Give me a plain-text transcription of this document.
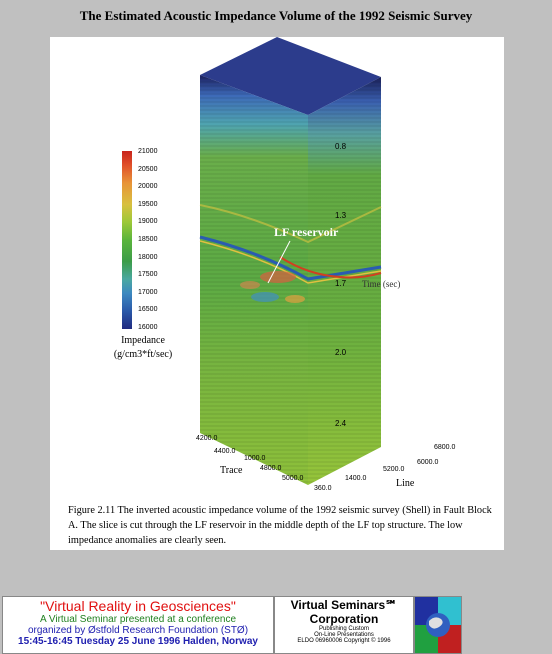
The Estimated Acoustic Impedance Volume of the 1992 Seismic Survey
0.8
1.3
1.7
2.0
2.4
Time (sec)
LF reservoir
4200.0
4400.0
1000.0
4800.0
5000.0
Trace
6800.0
6000.0
5200.0
1400.0
360.0	Line
21000
20500
20000
19500
19000
18500
18000
17500
17000
16500
16000
Impedance
(g/cm3*ft/sec)
Figure 2.11 The inverted acoustic impedance volume of the 1992 seismic survey (Shell) in Fault Block A. The slice is cut through the LF reservoir in the middle depth of the LF top structure. The low impedance anomalies are clearly seen.
"Virtual Reality in Geosciences"
A Virtual Seminar presented at a conference
organized by Østfold Research Foundation (STØ)
15:45-16:45 Tuesday 25 June 1996 Halden, Norway
Virtual Seminars℠
Corporation
Publishing Custom
On-Line Presentations
ELDO 06960006 Copyright © 1996
